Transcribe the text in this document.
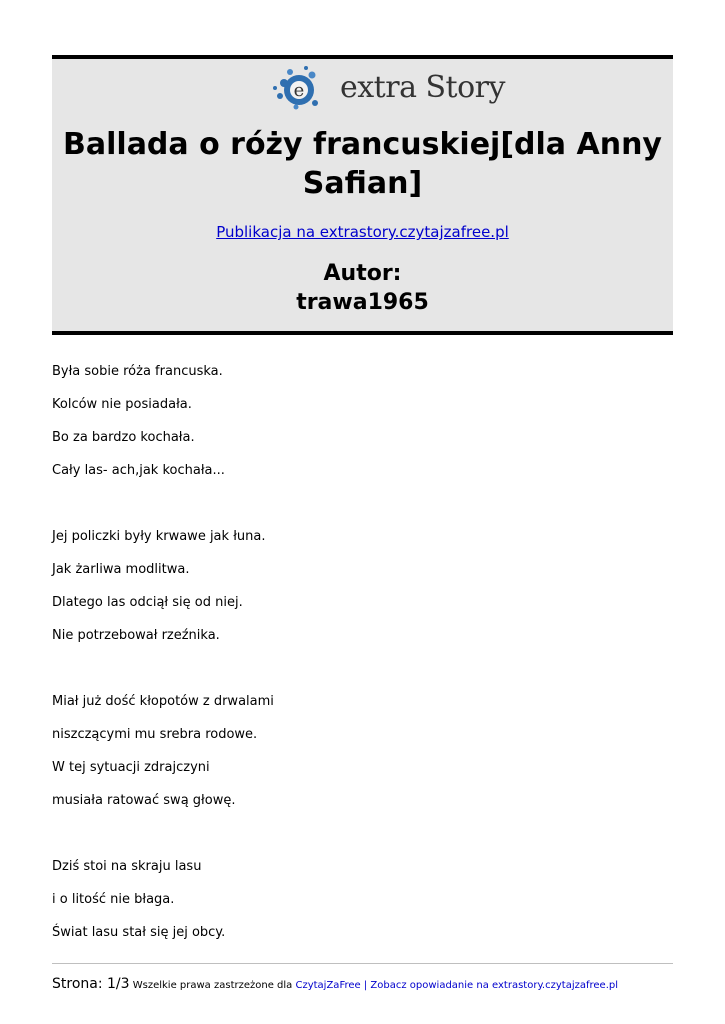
e	extra Story
Ballada o róży francuskiej[dla Anny Safian]
Publikacja na extrastory.czytajzafree.pl
Autor:
trawa1965
Była sobie róża francuska.
Kolców nie posiadała.
Bo za bardzo kochała.
Cały las- ach,jak kochała...
Jej policzki były krwawe jak łuna.
Jak żarliwa modlitwa.
Dlatego las odciął się od niej.
Nie potrzebował rzeźnika.
Miał już dość kłopotów z drwalami
niszczącymi mu srebra rodowe.
W tej sytuacji zdrajczyni
musiała ratować swą głowę.
Dziś stoi na skraju lasu
i o litość nie błaga.
Świat lasu stał się jej obcy.
Strona: 1/3 Wszelkie prawa zastrzeżone dla CzytajZaFree | Zobacz opowiadanie na extrastory.czytajzafree.pl
